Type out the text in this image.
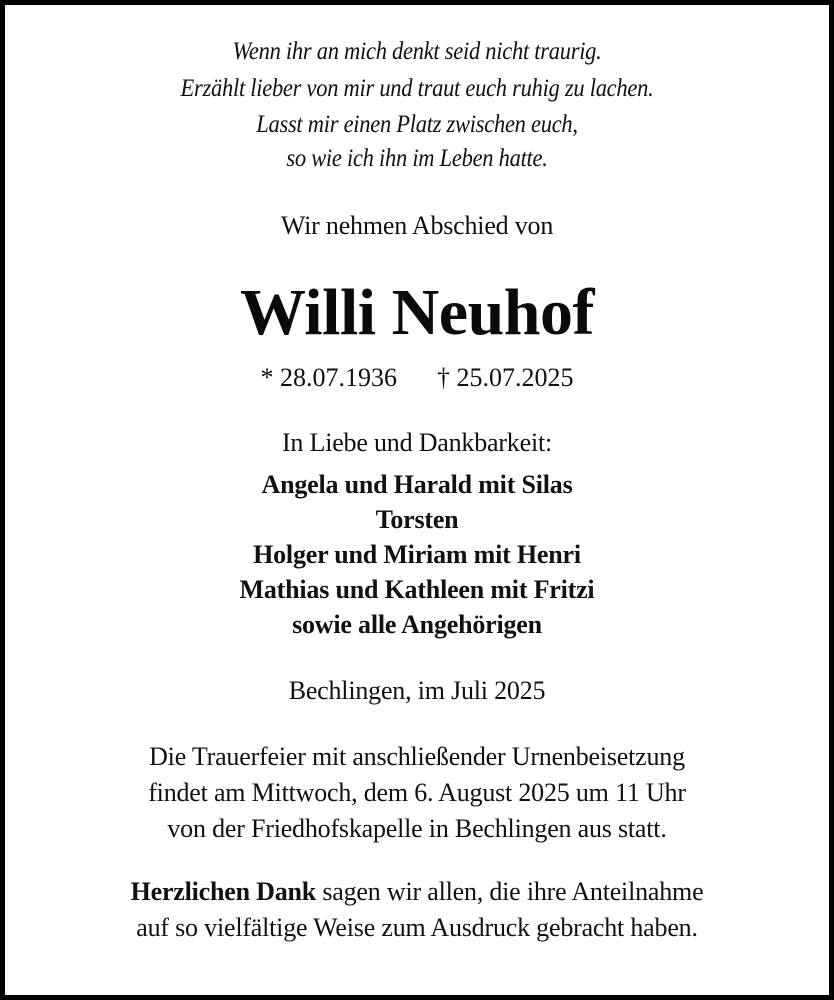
Wenn ihr an mich denkt seid nicht traurig.
Erzählt lieber von mir und traut euch ruhig zu lachen.
Lasst mir einen Platz zwischen euch,
so wie ich ihn im Leben hatte.
Wir nehmen Abschied von
Willi Neuhof
* 28.07.1936 † 25.07.2025
In Liebe und Dankbarkeit:
Angela und Harald mit Silas
Torsten
Holger und Miriam mit Henri
Mathias und Kathleen mit Fritzi
sowie alle Angehörigen
Bechlingen, im Juli 2025
Die Trauerfeier mit anschließender Urnenbeisetzung
findet am Mittwoch, dem 6. August 2025 um 11 Uhr
von der Friedhofskapelle in Bechlingen aus statt.
Herzlichen Dank sagen wir allen, die ihre Anteilnahme
auf so vielfältige Weise zum Ausdruck gebracht haben.
